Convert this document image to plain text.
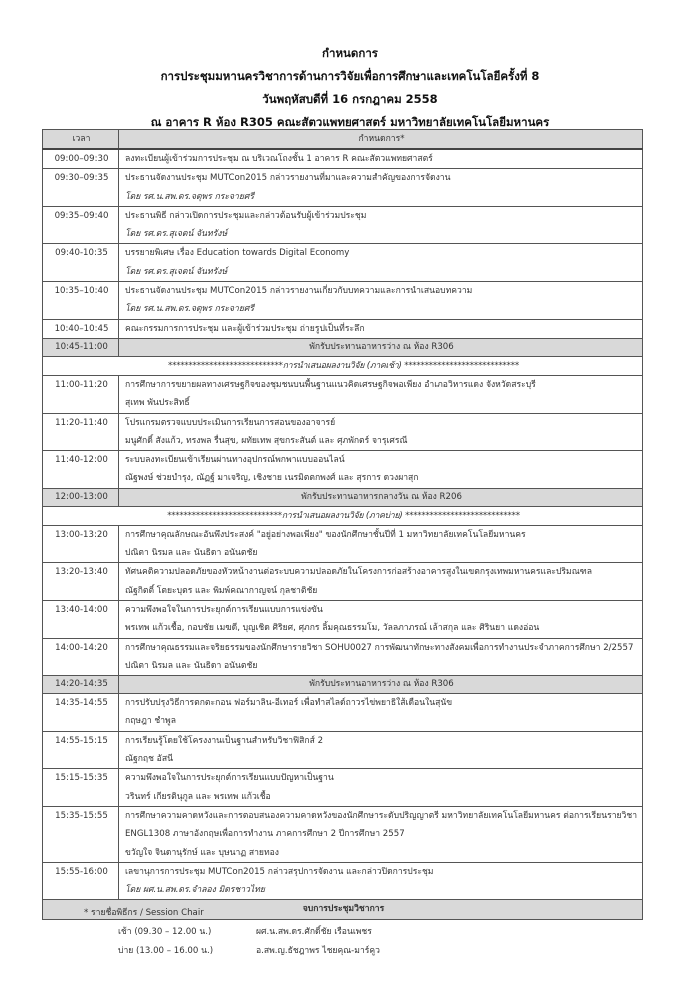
กำหนดการ
การประชุมมหานครวิชาการด้านการวิจัยเพื่อการศึกษาและเทคโนโลยีครั้งที่ 8
วันพฤหัสบดีที่ 16 กรกฎาคม 2558
ณ อาคาร R ห้อง R305 คณะสัตวแพทยศาสตร์ มหาวิทยาลัยเทคโนโลยีมหานคร
เวลา	กำหนดการ*
09:00–09:30	ลงทะเบียนผู้เข้าร่วมการประชุม ณ บริเวณโถงชั้น 1 อาคาร R คณะสัตวแพทยศาสตร์
09:30–09:35	ประธานจัดงานประชุม MUTCon2015 กล่าวรายงานที่มาและความสำคัญของการจัดงาน
โดย รศ.น.สพ.ดร.จตุพร กระจายศรี

09:35–09:40	ประธานพิธี กล่าวเปิดการประชุมและกล่าวต้อนรับผู้เข้าร่วมประชุม
โดย รศ.ดร.สุเจตน์ จันทรังษ์

09:40-10:35	บรรยายพิเศษ เรื่อง Education towards Digital Economy
โดย รศ.ดร.สุเจตน์ จันทรังษ์

10:35–10:40	ประธานจัดงานประชุม MUTCon2015 กล่าวรายงานเกี่ยวกับบทความและการนำเสนอบทความ
โดย รศ.น.สพ.ดร.จตุพร กระจายศรี

10:40–10:45	คณะกรรมการการประชุม และผู้เข้าร่วมประชุม ถ่ายรูปเป็นที่ระลึก
10:45-11:00	พักรับประทานอาหารว่าง ณ ห้อง R306
****************************การนำเสนอผลงานวิจัย (ภาคเช้า) ****************************	
11:00-11:20	การศึกษาการขยายผลทางเศรษฐกิจของชุมชนบนพื้นฐานแนวคิดเศรษฐกิจพอเพียง อำเภอวิหารแดง จังหวัดสระบุรี
สุเทพ พันประสิทธิ์

11:20-11:40	โปรแกรมตรวจแบบประเมินการเรียนการสอนของอาจารย์
มนูศักดิ์ สังแก้ว, ทรงพล รื่นสุข, ผทัยเทพ สุขกระสันต์ และ ศุภพักตร์ จารุเศรณี

11:40-12:00	ระบบลงทะเบียนเข้าเรียนผ่านทางอุปกรณ์พกพาแบบออนไลน์
ณัฐพงษ์ ช่วยบำรุง, ณัฏฐ์ มาเจริญ, เชิงชาย เนรมิตตกพงศ์ และ สุรการ ดวงผาสุก

12:00-13:00	พักรับประทานอาหารกลางวัน ณ ห้อง R206
****************************การนำเสนอผลงานวิจัย (ภาคบ่าย) ****************************	
13:00-13:20	การศึกษาคุณลักษณะอันพึงประสงค์ "อยู่อย่างพอเพียง" ของนักศึกษาชั้นปีที่ 1 มหาวิทยาลัยเทคโนโลยีมหานคร
ปณิตา นิรมล และ นันธิดา อนันตชัย

13:20-13:40	ทัศนคติความปลอดภัยของหัวหน้างานต่อระบบความปลอดภัยในโครงการก่อสร้างอาคารสูงในเขตกรุงเทพมหานครและปริมณฑล
ณัฐกิตติ์ โตยะบุตร และ พิมพ์คณากาญจน์ กุลชาติชัย

13:40-14:00	ความพึงพอใจในการประยุกต์การเรียนแบบการแข่งขัน
พรเทพ แก้วเชื้อ, กอบชัย เมฆดี, บุญเชิด ศิริยศ, ศุภกร ลิ้มคุณธรรมโม, วัลลภาภรณ์ เล้าสกุล และ ศิรินยา แดงอ่อน

14:00-14:20	การศึกษาคุณธรรมและจริยธรรมของนักศึกษารายวิชา SOHU0027 การพัฒนาทักษะทางสังคมเพื่อการทำงานประจำภาคการศึกษา 2/2557
ปณิตา นิรมล และ นันธิดา อนันตชัย

14:20-14:35	พักรับประทานอาหารว่าง ณ ห้อง R306
14:35-14:55	การปรับปรุงวิธีการตกตะกอน ฟอร์มาลิน-อีเทอร์ เพื่อทำสไลด์ถาวรไข่พยาธิใส้เดือนในสุนัข
กฤษฎา ชำพูล

14:55-15:15	การเรียนรู้โดยใช้โครงงานเป็นฐานสำหรับวิชาฟิสิกส์ 2
ณัฐกฤช อัสนี

15:15-15:35	ความพึงพอใจในการประยุกต์การเรียนแบบปัญหาเป็นฐาน
วรินทร์ เกียรตินุกูล และ พรเทพ แก้วเชื้อ

15:35-15:55	การศึกษาความคาดหวังและการตอบสนองความคาดหวังของนักศึกษาระดับปริญญาตรี มหาวิทยาลัยเทคโนโลยีมหานคร ต่อการเรียนรายวิชา
ENGL1308 ภาษาอังกฤษเพื่อการทำงาน ภาคการศึกษา 2 ปีการศึกษา 2557
ขวัญใจ จินดานุรักษ์ และ บุษนาฏ สายทอง

15:55-16:00	เลขานุการการประชุม MUTCon2015 กล่าวสรุปการจัดงาน และกล่าวปิดการประชุม
โดย ผศ.น.สพ.ดร.จำลอง มิตรชาวไทย

จบการประชุมวิชาการ	
* รายชื่อพิธีกร / Session Chair
เช้า (09.30 – 12.00 น.)	ผศ.น.สพ.ดร.ศักดิ์ชัย เรือนเพชร
บ่าย (13.00 – 16.00 น.)	อ.สพ.ญ.ธัชฎาพร ไชยคุณ-มาร์คูว
